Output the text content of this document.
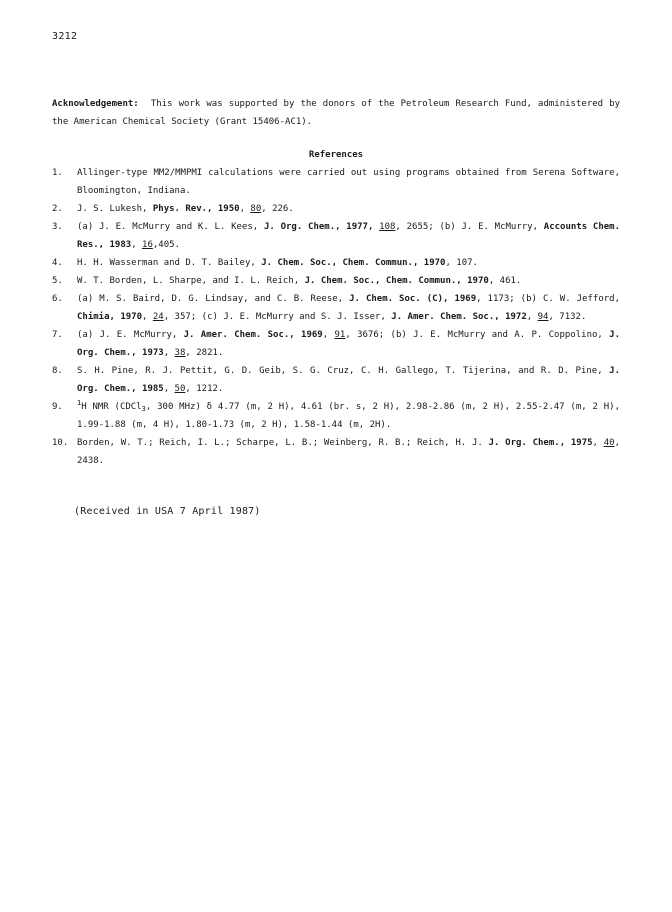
3212

Acknowledgement: This work was supported by the donors of the Petroleum Research Fund, administered by the American Chemical Society (Grant 15406-AC1).

References
1. Allinger-type MM2/MMPMI calculations were carried out using programs obtained from Serena Software, Bloomington, Indiana.
2. J. S. Lukesh, Phys. Rev., 1950, 80, 226.
3. (a) J. E. McMurry and K. L. Kees, J. Org. Chem., 1977, 108, 2655; (b) J. E. McMurry, Accounts Chem. Res., 1983, 16,405.
4. H. H. Wasserman and D. T. Bailey, J. Chem. Soc., Chem. Commun., 1970, 107.
5. W. T. Borden, L. Sharpe, and I. L. Reich, J. Chem. Soc., Chem. Commun., 1970, 461.
6. (a) M. S. Baird, D. G. Lindsay, and C. B. Reese, J. Chem. Soc. (C), 1969, 1173; (b) C. W. Jefford, Chimia, 1970, 24, 357; (c) J. E. McMurry and S. J. Isser, J. Amer. Chem. Soc., 1972, 94, 7132.
7. (a) J. E. McMurry, J. Amer. Chem. Soc., 1969, 91, 3676; (b) J. E. McMurry and A. P. Coppolino, J. Org. Chem., 1973, 38, 2821.
8. S. H. Pine, R. J. Pettit, G. D. Geib, S. G. Cruz, C. H. Gallego, T. Tijerina, and R. D. Pine, J. Org. Chem., 1985, 50, 1212.
9. $^1$H NMR (CDCl$_3$, 300 MHz) δ 4.77 (m, 2 H), 4.61 (br. s, 2 H), 2.98-2.86 (m, 2 H), 2.55-2.47 (m, 2 H), 1.99-1.88 (m, 4 H), 1.80-1.73 (m, 2 H), 1.58-1.44 (m, 2H).
10. Borden, W. T.; Reich, I. L.; Scharpe, L. B.; Weinberg, R. B.; Reich, H. J. J. Org. Chem., 1975, 40, 2438.
(Received in USA 7 April 1987)
